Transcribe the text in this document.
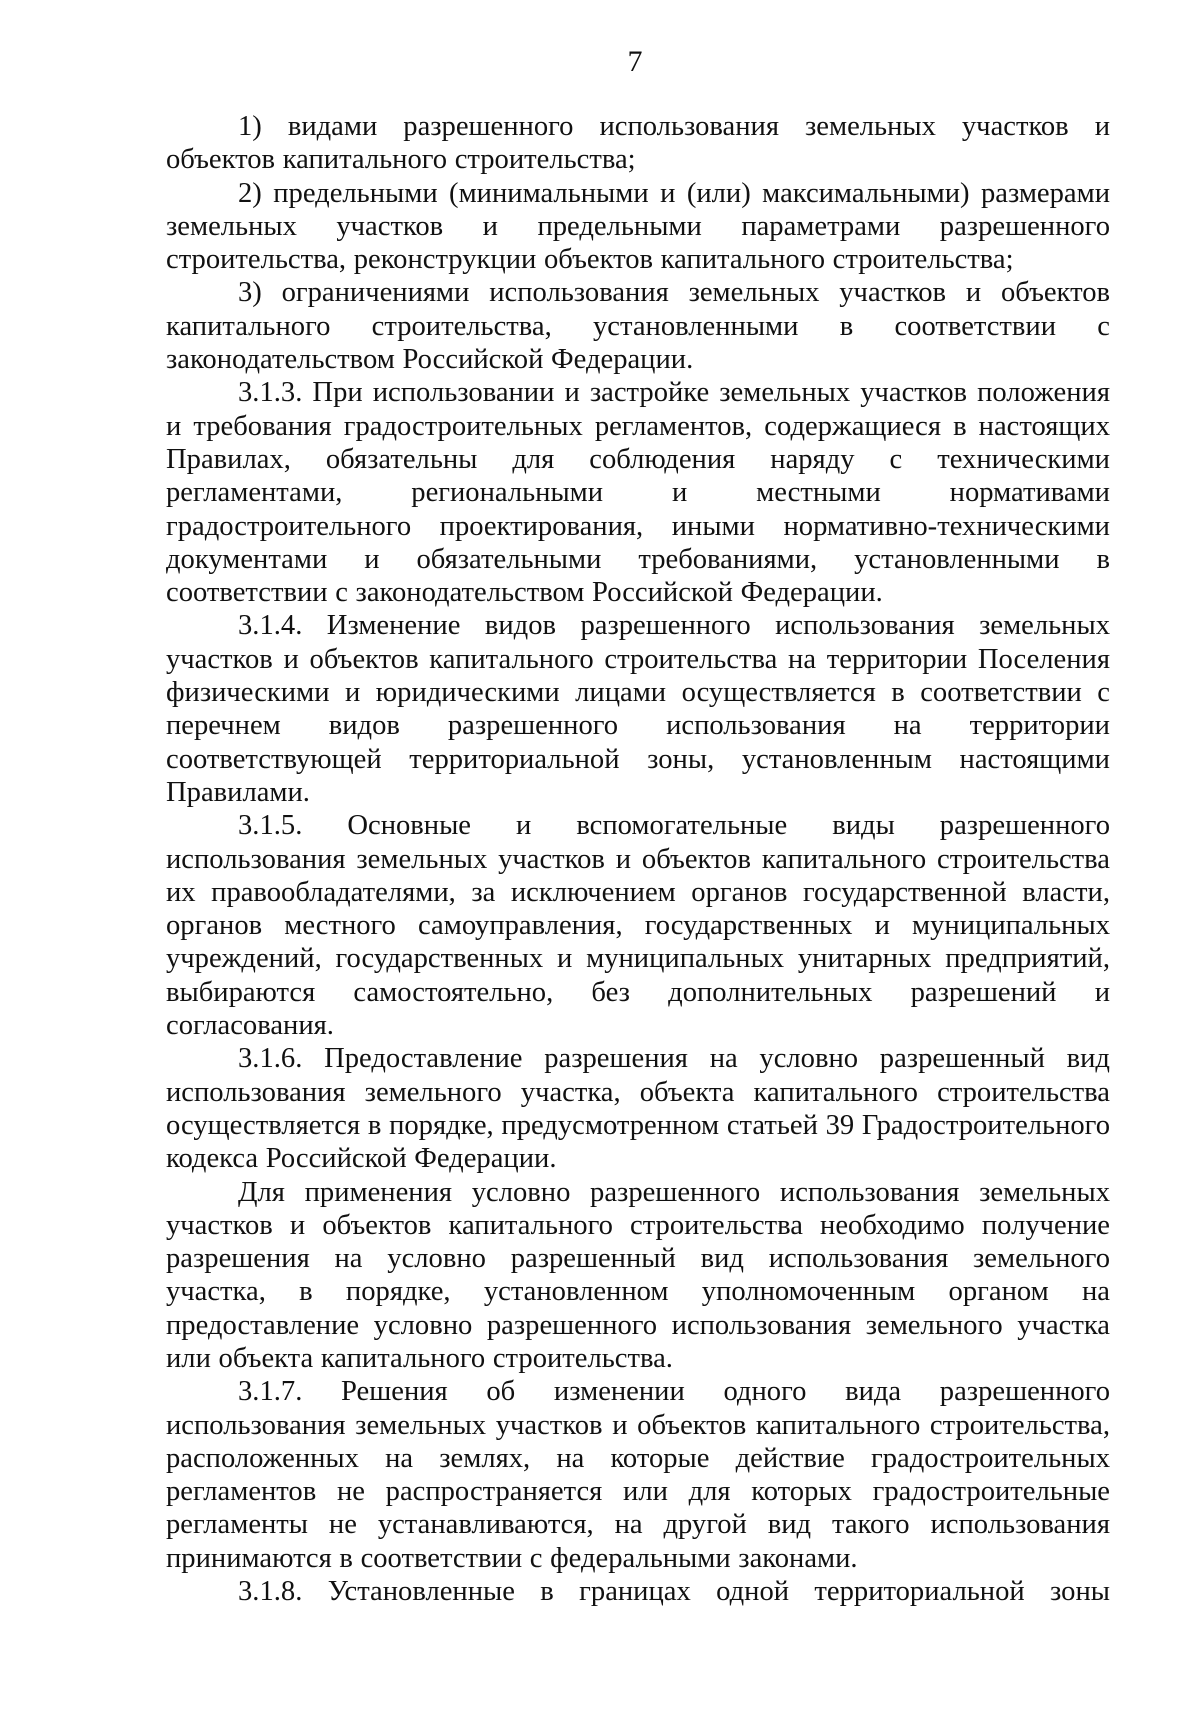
7

1) видами разрешенного использования земельных участков и объектов капитального строительства;

2) предельными (минимальными и (или) максимальными) размерами земельных участков и предельными параметрами разрешенного строительства, реконструкции объектов капитального строительства;

3) ограничениями использования земельных участков и объектов капитального строительства, установленными в соответствии с законодательством Российской Федерации.

3.1.3. При использовании и застройке земельных участков положения и требования градостроительных регламентов, содержащиеся в настоящих Правилах, обязательны для соблюдения наряду с техническими регламентами, региональными и местными нормативами градостроительного проектирования, иными нормативно-техническими документами и обязательными требованиями, установленными в соответствии с законодательством Российской Федерации.

3.1.4. Изменение видов разрешенного использования земельных участков и объектов капитального строительства на территории Поселения физическими и юридическими лицами осуществляется в соответствии с перечнем видов разрешенного использования на территории соответствующей территориальной зоны, установленным настоящими Правилами.

3.1.5. Основные и вспомогательные виды разрешенного использования земельных участков и объектов капитального строительства их правообладателями, за исключением органов государственной власти, органов местного самоуправления, государственных и муниципальных учреждений, государственных и муниципальных унитарных предприятий, выбираются самостоятельно, без дополнительных разрешений и согласования.

3.1.6. Предоставление разрешения на условно разрешенный вид использования земельного участка, объекта капитального строительства осуществляется в порядке, предусмотренном статьей 39 Градостроительного кодекса Российской Федерации.

Для применения условно разрешенного использования земельных участков и объектов капитального строительства необходимо получение разрешения на условно разрешенный вид использования земельного участка, в порядке, установленном уполномоченным органом на предоставление условно разрешенного использования земельного участка или объекта капитального строительства.

3.1.7. Решения об изменении одного вида разрешенного использования земельных участков и объектов капитального строительства, расположенных на землях, на которые действие градостроительных регламентов не распространяется или для которых градостроительные регламенты не устанавливаются, на другой вид такого использования принимаются в соответствии с федеральными законами.

3.1.8. Установленные в границах одной территориальной зоны
